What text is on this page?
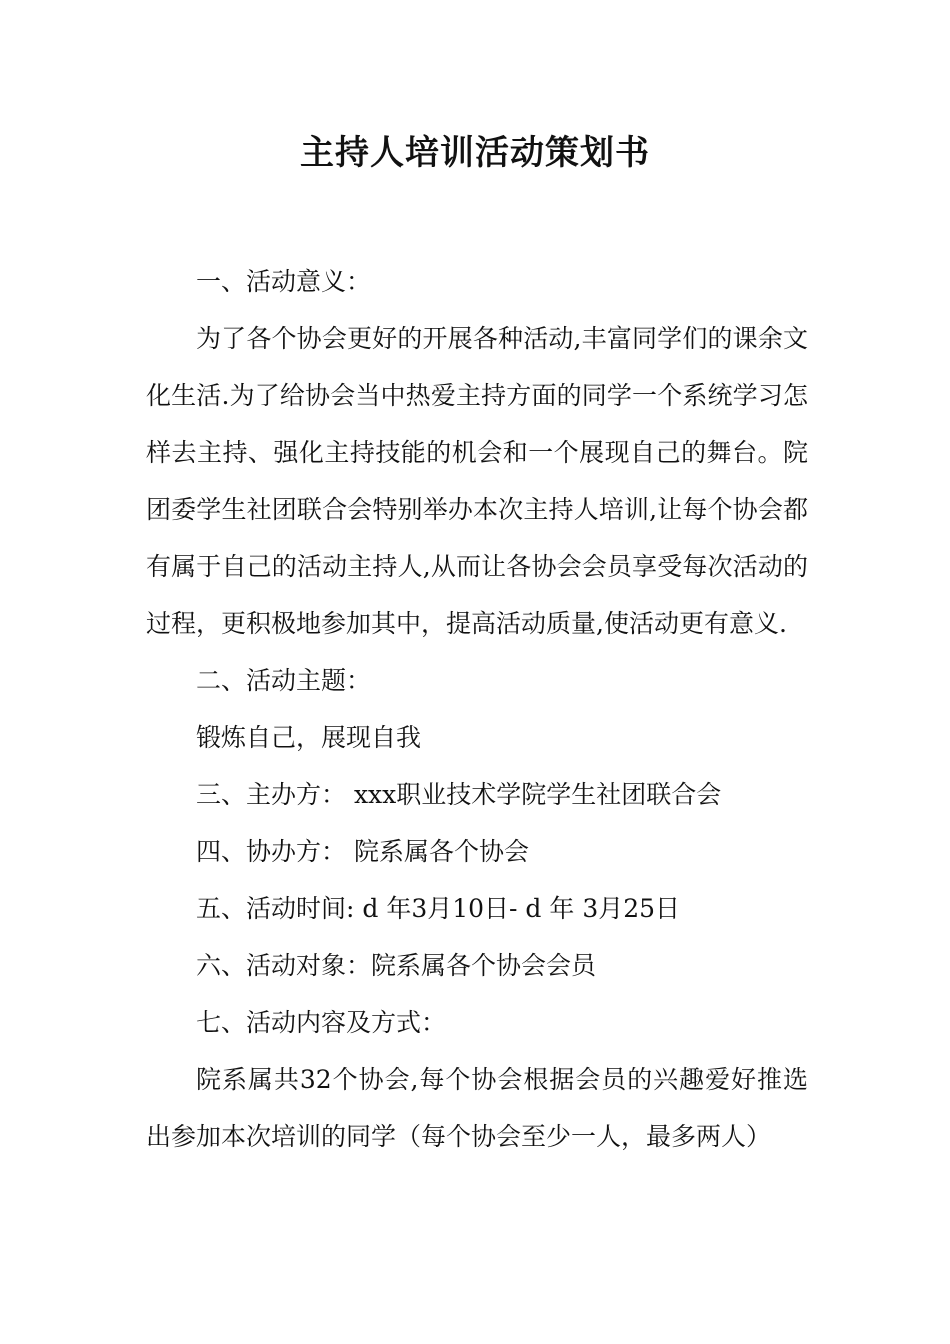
主持人培训活动策划书

一、活动意义：

为了各个协会更好的开展各种活动,丰富同学们的课余文化生活.为了给协会当中热爱主持方面的同学一个系统学习怎样去主持、强化主持技能的机会和一个展现自己的舞台。院团委学生社团联合会特别举办本次主持人培训,让每个协会都有属于自己的活动主持人,从而让各协会会员享受每次活动的过程，更积极地参加其中，提高活动质量,使活动更有意义.

二、活动主题：

锻炼自己，展现自我

三、主办方： xxx职业技术学院学生社团联合会

四、协办方： 院系属各个协会

五、活动时间: d 年3月10日- d 年 3月25日

六、活动对象：院系属各个协会会员

七、活动内容及方式：

院系属共32个协会,每个协会根据会员的兴趣爱好推选出参加本次培训的同学（每个协会至少一人，最多两人）
